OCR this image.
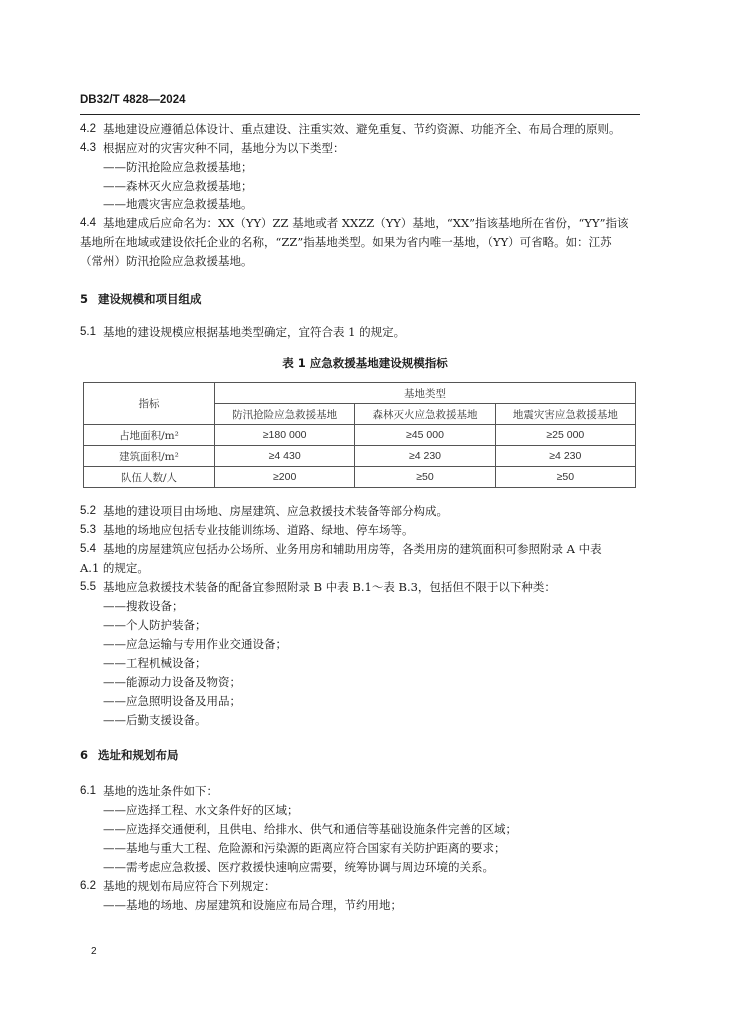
DB32/T 4828—2024
4.2 基地建设应遵循总体设计、重点建设、注重实效、避免重复、节约资源、功能齐全、布局合理的原则。
4.3 根据应对的灾害灾种不同，基地分为以下类型：
——防汛抢险应急救援基地；
——森林灭火应急救援基地；
——地震灾害应急救援基地。
4.4 基地建成后应命名为：XX（YY）ZZ 基地或者 XXZZ（YY）基地，“XX”指该基地所在省份，“YY”指该
基地所在地域或建设依托企业的名称，“ZZ”指基地类型。如果为省内唯一基地，（YY）可省略。如：江苏
（常州）防汛抢险应急救援基地。
5 建设规模和项目组成
5.1 基地的建设规模应根据基地类型确定，宜符合表 1 的规定。
表 1 应急救援基地建设规模指标
指标	基地类型		
	防汛抢险应急救援基地	森林灭火应急救援基地	地震灾害应急救援基地
占地面积/m²	≥180 000	≥45 000	≥25 000
建筑面积/m²	≥4 430	≥4 230	≥4 230
队伍人数/人	≥200	≥50	≥50
5.2 基地的建设项目由场地、房屋建筑、应急救援技术装备等部分构成。
5.3 基地的场地应包括专业技能训练场、道路、绿地、停车场等。
5.4 基地的房屋建筑应包括办公场所、业务用房和辅助用房等，各类用房的建筑面积可参照附录 A 中表
A.1 的规定。
5.5 基地应急救援技术装备的配备宜参照附录 B 中表 B.1～表 B.3，包括但不限于以下种类：
——搜救设备；
——个人防护装备；
——应急运输与专用作业交通设备；
——工程机械设备；
——能源动力设备及物资；
——应急照明设备及用品；
——后勤支援设备。
6 选址和规划布局
6.1 基地的选址条件如下：
——应选择工程、水文条件好的区域；
——应选择交通便利，且供电、给排水、供气和通信等基础设施条件完善的区域；
——基地与重大工程、危险源和污染源的距离应符合国家有关防护距离的要求；
——需考虑应急救援、医疗救援快速响应需要，统筹协调与周边环境的关系。
6.2 基地的规划布局应符合下列规定：
——基地的场地、房屋建筑和设施应布局合理，节约用地；
2
